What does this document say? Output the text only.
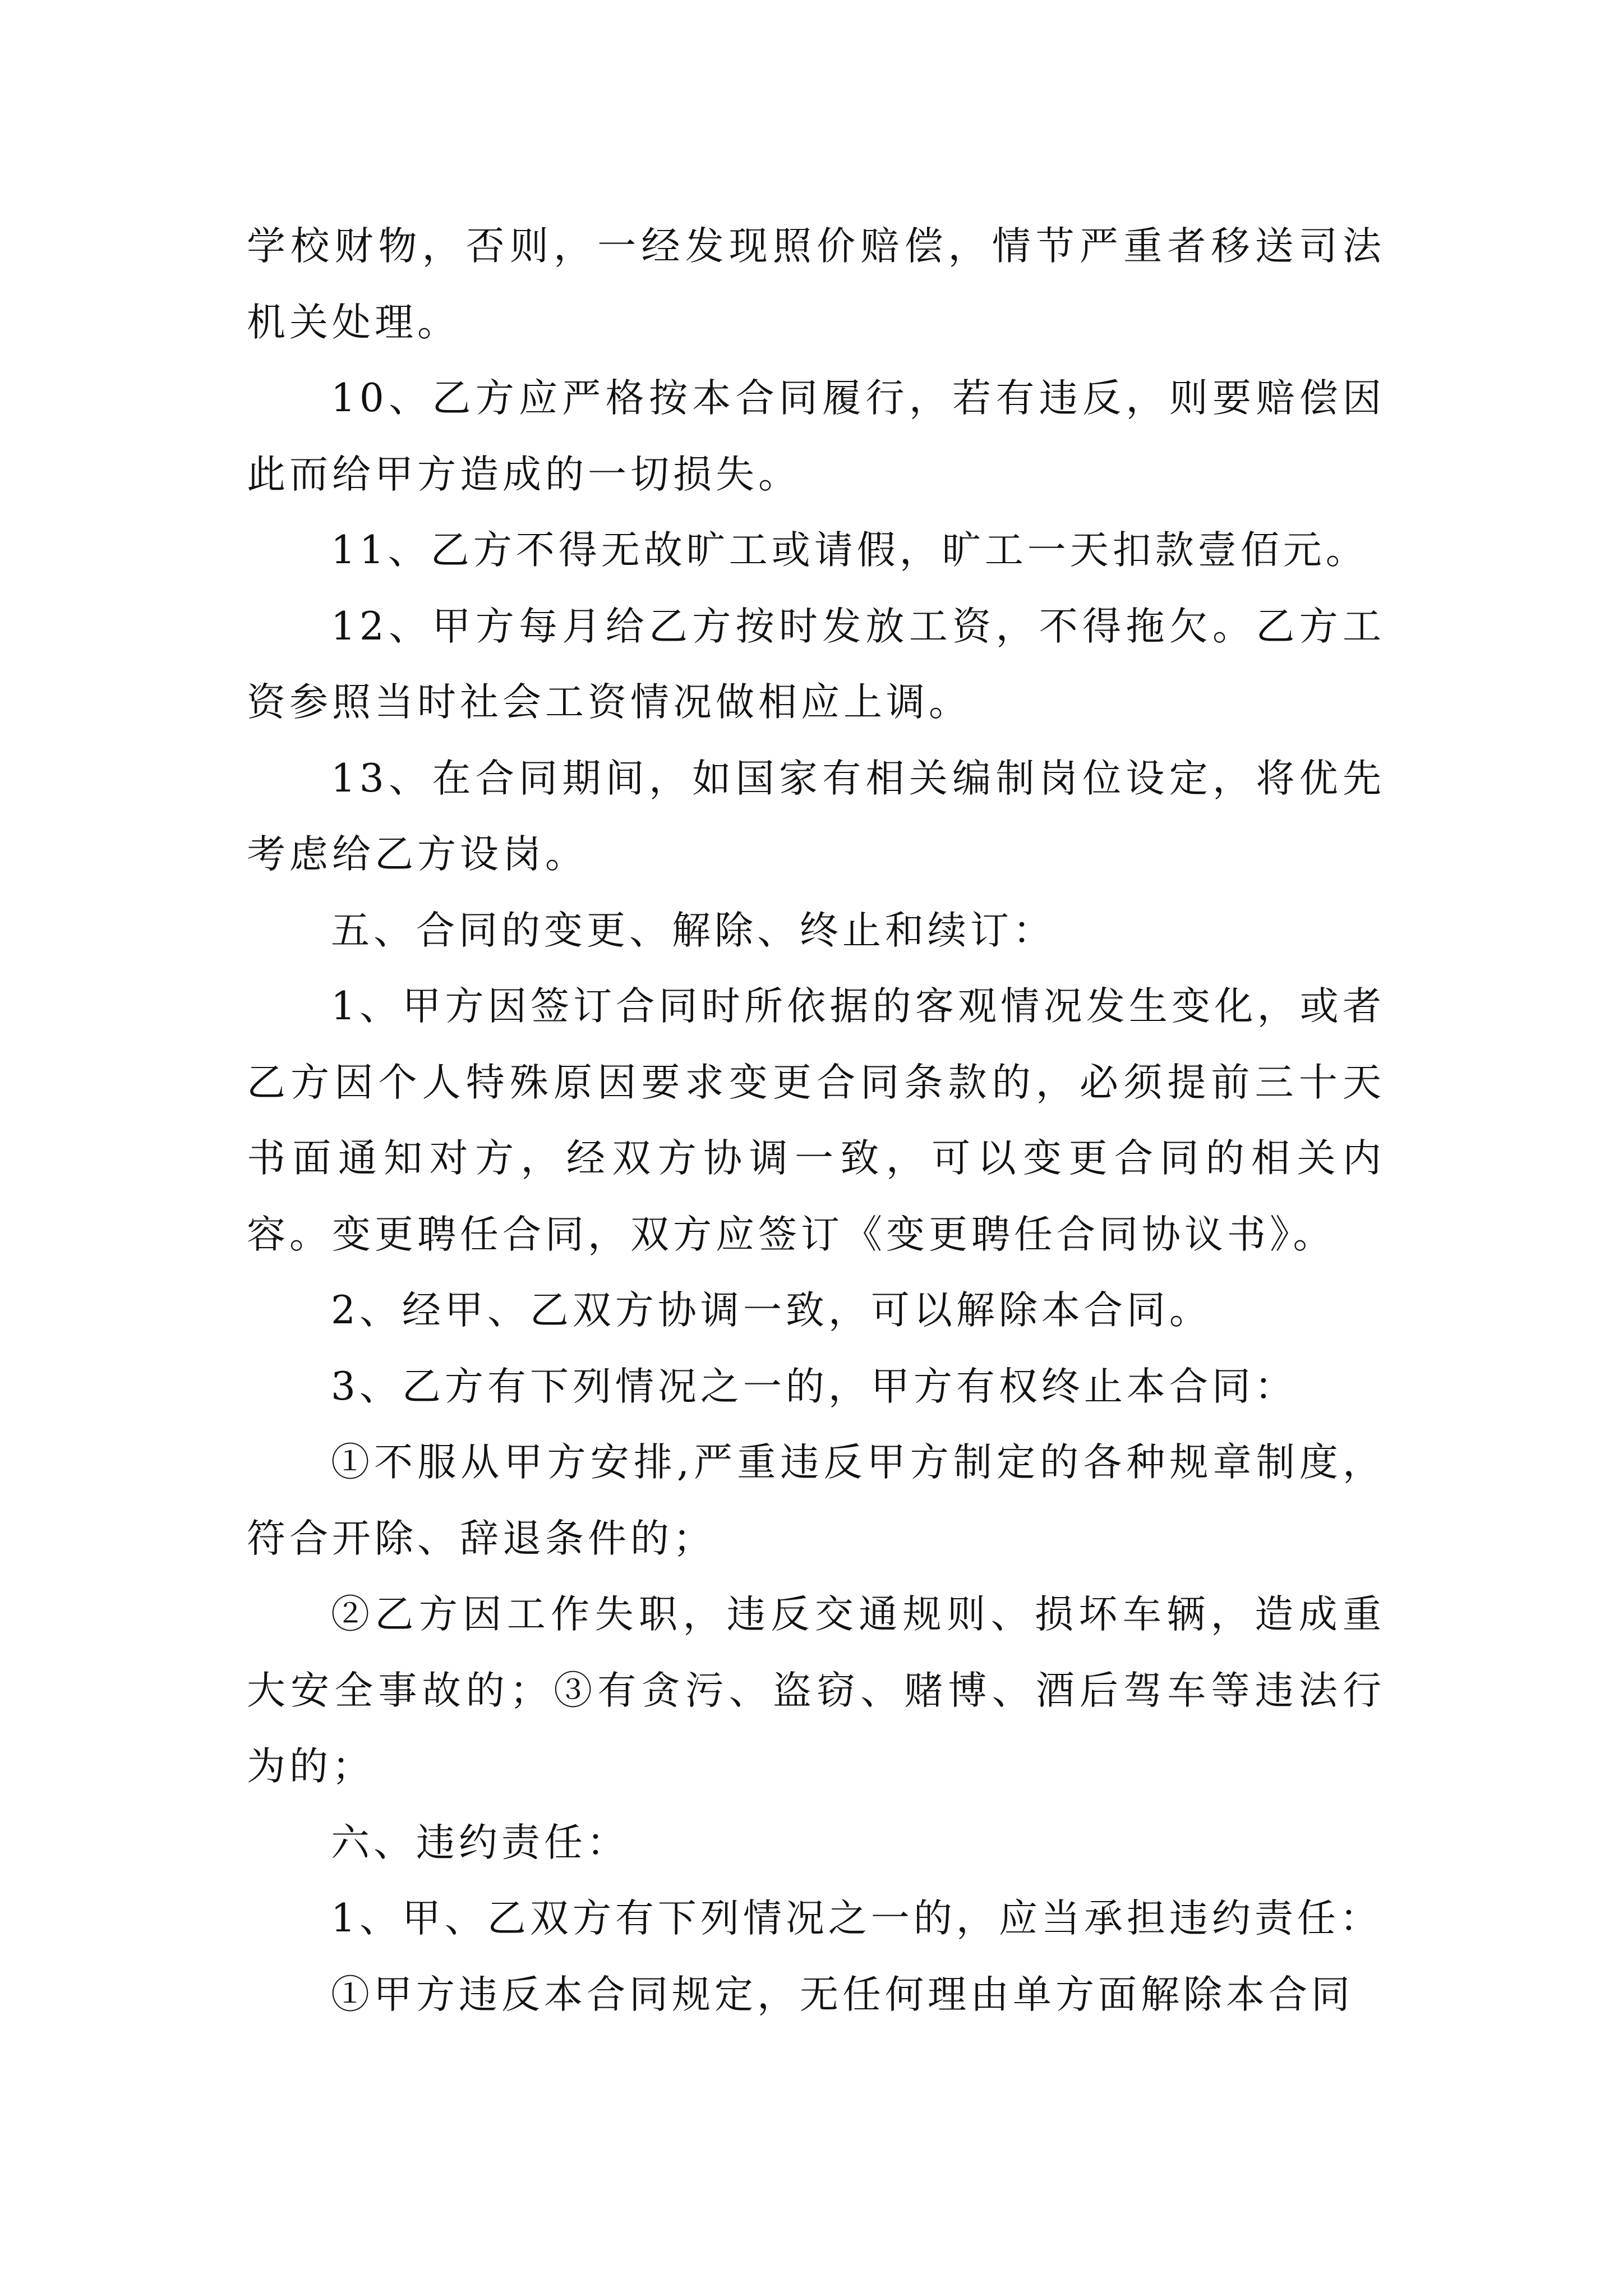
学校财物，否则，一经发现照价赔偿，情节严重者移送司法机关处理。

10、乙方应严格按本合同履行，若有违反，则要赔偿因此而给甲方造成的一切损失。

11、乙方不得无故旷工或请假，旷工一天扣款壹佰元。

12、甲方每月给乙方按时发放工资，不得拖欠。乙方工资参照当时社会工资情况做相应上调。

13、在合同期间，如国家有相关编制岗位设定，将优先考虑给乙方设岗。

五、合同的变更、解除、终止和续订：

1、甲方因签订合同时所依据的客观情况发生变化，或者乙方因个人特殊原因要求变更合同条款的，必须提前三十天书面通知对方，经双方协调一致，可以变更合同的相关内容。变更聘任合同，双方应签订《变更聘任合同协议书》。

2、经甲、乙双方协调一致，可以解除本合同。

3、乙方有下列情况之一的，甲方有权终止本合同：

①不服从甲方安排,严重违反甲方制定的各种规章制度，符合开除、辞退条件的；

②乙方因工作失职，违反交通规则、损坏车辆，造成重大安全事故的；③有贪污、盗窃、赌博、酒后驾车等违法行为的；

六、违约责任：

1、甲、乙双方有下列情况之一的，应当承担违约责任：

①甲方违反本合同规定，无任何理由单方面解除本合同
